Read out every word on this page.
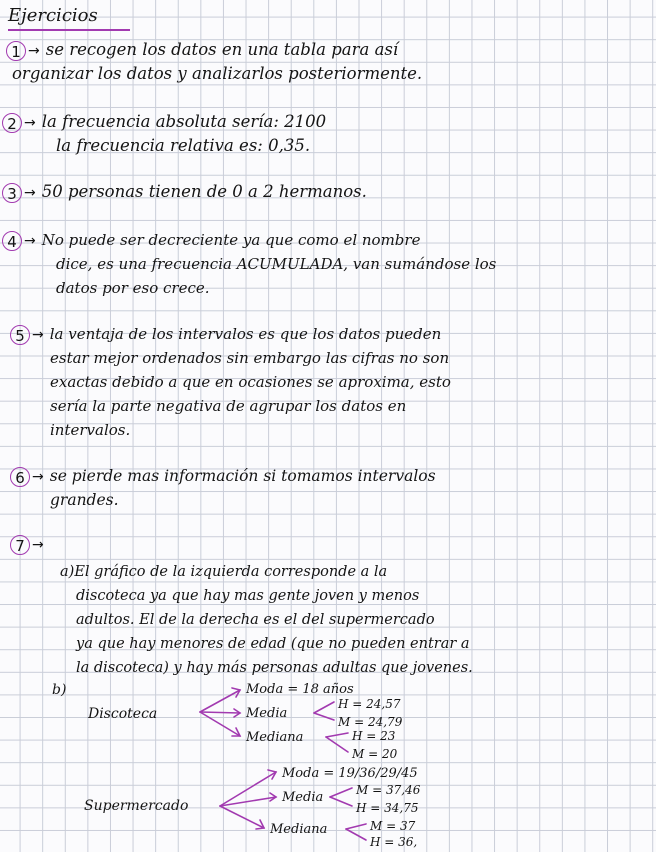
Ejercicios
1 → se recogen los datos en una tabla para así
organizar los datos y analizarlos posteriormente.
2 → la frecuencia absoluta sería: 2100
la frecuencia relativa es: 0,35.
3 → 50 personas tienen de 0 a 2 hermanos.
4 → No puede ser decreciente ya que como el nombre
dice, es una frecuencia ACUMULADA, van sumándose los
datos por eso crece.
5 → la ventaja de los intervalos es que los datos pueden
estar mejor ordenados sin embargo las cifras no son
exactas debido a que en ocasiones se aproxima, esto
sería la parte negativa de agrupar los datos en
intervalos.
6 → se pierde mas información si tomamos intervalos
grandes.
7 →
a)El gráfico de la izquierda corresponde a la
discoteca ya que hay mas gente joven y menos
adultos. El de la derecha es el del supermercado
ya que hay menores de edad (que no pueden entrar a
la discoteca) y hay más personas adultas que jovenes.
b)
Discoteca
Moda = 18 años
Media
H = 24,57
M = 24,79
Mediana	H = 23
M = 20
Supermercado
Moda = 19/36/29/45
Media	M = 37,46
H = 34,75
Mediana	M = 37
H = 36,
